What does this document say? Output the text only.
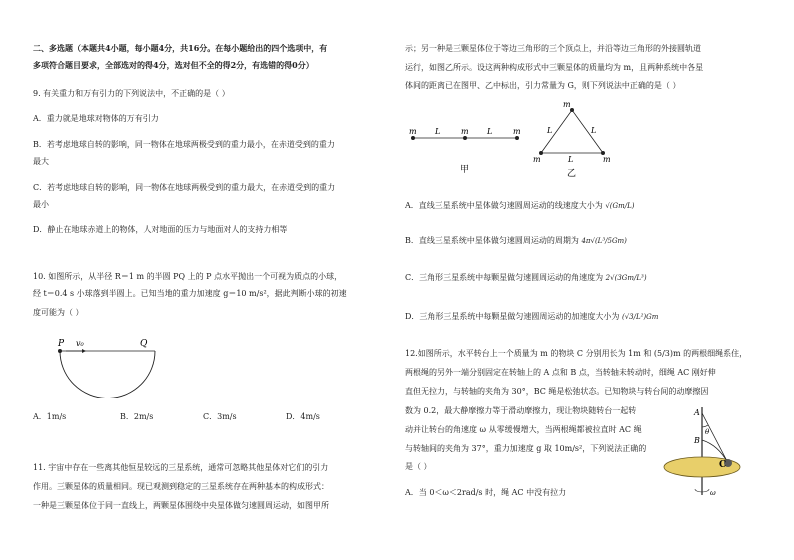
二、多选题（本题共4小题，每小题4分，共16分。在每小题给出的四个选项中，有
多项符合题目要求，全部选对的得4分，选对但不全的得2分，有选错的得0分）
9. 有关重力和万有引力的下列说法中，不正确的是（ ）
A．重力就是地球对物体的万有引力
B．若考虑地球自转的影响，同一物体在地球两极受到的重力最小，在赤道受到的重力
最大
C．若考虑地球自转的影响，同一物体在地球两极受到的重力最大，在赤道受到的重力
最小
D．静止在地球赤道上的物体，人对地面的压力与地面对人的支持力相等
10. 如图所示，从半径 R＝1 m 的半圆 PQ 上的 P 点水平抛出一个可视为质点的小球，
经 t＝0.4 s 小球落到半圆上。已知当地的重力加速度 g＝10 m/s²，据此判断小球的初速
度可能为（ ）
P v₀	Q
A．1m/s	B．2m/s	C．3m/s	D．4m/s
11. 宇宙中存在一些离其他恒星较远的三星系统，通常可忽略其他星体对它们的引力
作用。三颗星体的质量相同。现已观测到稳定的三星系统存在两种基本的构成形式：
一种是三颗星体位于同一直线上，两颗星体围绕中央星体做匀速圆周运动，如图甲所
示；另一种是三颗星体位于等边三角形的三个顶点上，并沿等边三角形的外接圆轨道
运行，如图乙所示。设这两种构成形式中三颗星体的质量均为 m，且两种系统中各星
体间的距离已在图甲、乙中标出，引力常量为 G，则下列说法中正确的是（ ）
m L	m L	m
甲
m
L	L
m	L	m
乙
A．直线三星系统中星体做匀速圆周运动的线速度大小为 √(Gm/L)
B．直线三星系统中星体做匀速圆周运动的周期为 4π√(L³/5Gm)
C．三角形三星系统中每颗星做匀速圆周运动的角速度为 2√(3Gm/L³)
D．三角形三星系统中每颗星做匀速圆周运动的加速度大小为 (√3/L²)Gm
12.如图所示，水平转台上一个质量为 m 的物块 C 分别用长为 1m 和 (5/3)m 的两根细绳系住，
两根绳的另外一端分别固定在转轴上的 A 点和 B 点，当转轴未转动时，细绳 AC 刚好伸
直但无拉力，与转轴的夹角为 30°，BC 绳是松弛状态。已知物块与转台间的动摩擦因
数为 0.2，最大静摩擦力等于滑动摩擦力，现让物块随转台一起转
动并让转台的角速度 ω 从零缓慢增大，当两根绳都被拉直时 AC 绳
与转轴间的夹角为 37°，重力加速度 g 取 10m/s²，下列说法正确的
是（ ）
A．当 0＜ω＜2rad/s 时，绳 AC 中没有拉力
A
B
C
θ
ω
